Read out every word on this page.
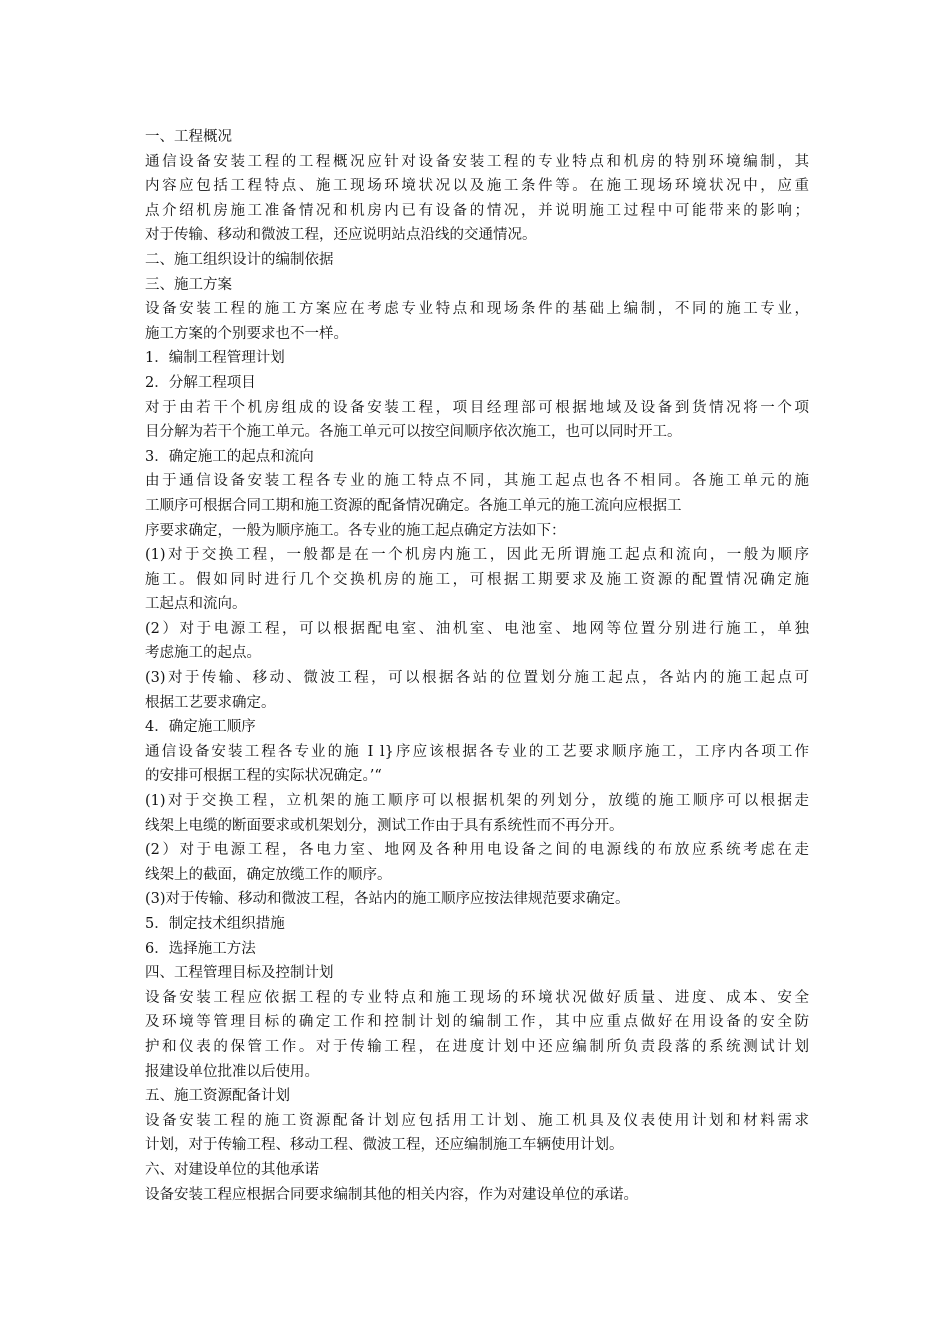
一、工程概况
通信设备安装工程的工程概况应针对设备安装工程的专业特点和机房的特别环境编制，其
内容应包括工程特点、施工现场环境状况以及施工条件等。在施工现场环境状况中，应重
点介绍机房施工准备情况和机房内已有设备的情况，并说明施工过程中可能带来的影响；
对于传输、移动和微波工程，还应说明站点沿线的交通情况。
二、施工组织设计的编制依据
三、施工方案
设备安装工程的施工方案应在考虑专业特点和现场条件的基础上编制，不同的施工专业，
施工方案的个别要求也不一样。
1．编制工程管理计划
2．分解工程项目
对于由若干个机房组成的设备安装工程，项目经理部可根据地域及设备到货情况将一个项
目分解为若干个施工单元。各施工单元可以按空间顺序依次施工，也可以同时开工。
3．确定施工的起点和流向
由于通信设备安装工程各专业的施工特点不同，其施工起点也各不相同。各施工单元的施
工顺序可根据合同工期和施工资源的配备情况确定。各施工单元的施工流向应根据工
序要求确定，一般为顺序施工。各专业的施工起点确定方法如下：
(1)对于交换工程，一般都是在一个机房内施工，因此无所谓施工起点和流向，一般为顺序
施工。假如同时进行几个交换机房的施工，可根据工期要求及施工资源的配置情况确定施
工起点和流向。
(2）对于电源工程，可以根据配电室、油机室、电池室、地网等位置分别进行施工，单独
考虑施工的起点。
(3)对于传输、移动、微波工程，可以根据各站的位置划分施工起点，各站内的施工起点可
根据工艺要求确定。
4．确定施工顺序
通信设备安装工程各专业的施 I l}序应该根据各专业的工艺要求顺序施工，工序内各项工作
的安排可根据工程的实际状况确定。’“
(1)对于交换工程，立机架的施工顺序可以根据机架的列划分，放缆的施工顺序可以根据走
线架上电缆的断面要求或机架划分，测试工作由于具有系统性而不再分开。
(2）对于电源工程，各电力室、地网及各种用电设备之间的电源线的布放应系统考虑在走
线架上的截面，确定放缆工作的顺序。
(3)对于传输、移动和微波工程，各站内的施工顺序应按法律规范要求确定。
5．制定技术组织措施
6．选择施工方法
四、工程管理目标及控制计划
设备安装工程应依据工程的专业特点和施工现场的环境状况做好质量、进度、成本、安全
及环境等管理目标的确定工作和控制计划的编制工作，其中应重点做好在用设备的安全防
护和仪表的保管工作。对于传输工程，在进度计划中还应编制所负责段落的系统测试计划
报建设单位批准以后使用。
五、施工资源配备计划
设备安装工程的施工资源配备计划应包括用工计划、施工机具及仪表使用计划和材料需求
计划，对于传输工程、移动工程、微波工程，还应编制施工车辆使用计划。
六、对建设单位的其他承诺
设备安装工程应根据合同要求编制其他的相关内容，作为对建设单位的承诺。
